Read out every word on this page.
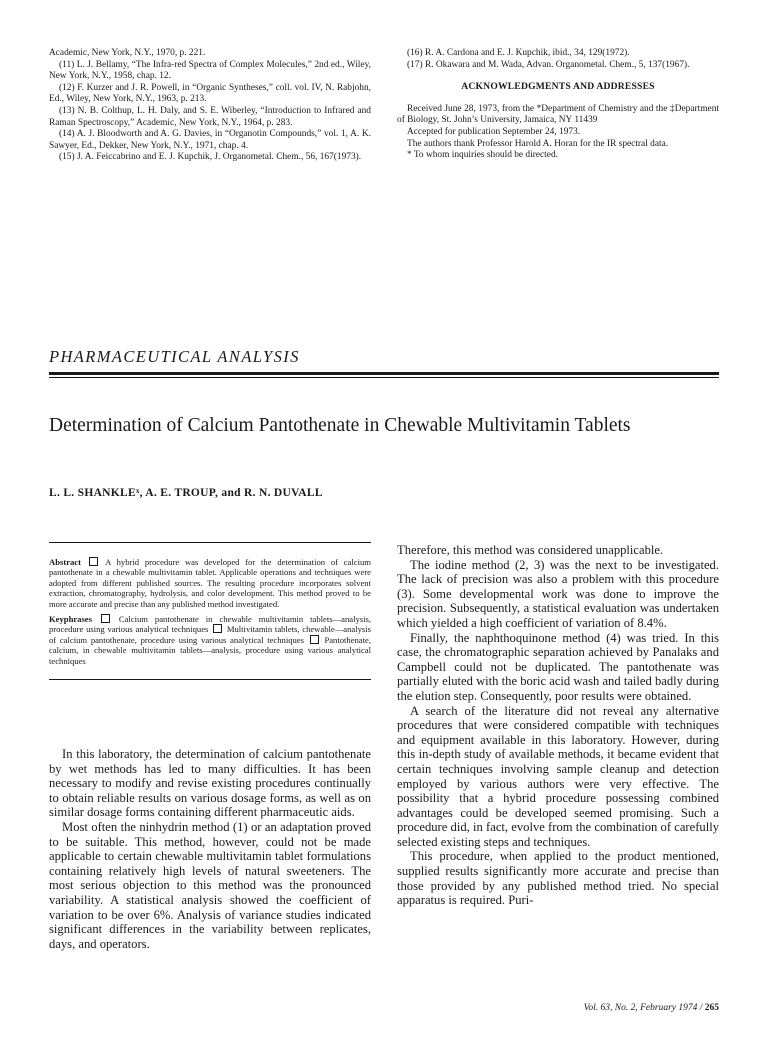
Academic, New York, N.Y., 1970, p. 221.

(11) L. J. Bellamy, “The Infra-red Spectra of Complex Molecules,” 2nd ed., Wiley, New York, N.Y., 1958, chap. 12.

(12) F. Kurzer and J. R. Powell, in “Organic Syntheses,” coll. vol. IV, N. Rabjohn, Ed., Wiley, New York, N.Y., 1963, p. 213.

(13) N. B. Colthup, L. H. Daly, and S. E. Wiberley, “Introduction to Infrared and Raman Spectroscopy,” Academic, New York, N.Y., 1964, p. 283.

(14) A. J. Bloodworth and A. G. Davies, in “Organotin Compounds,” vol. 1, A. K. Sawyer, Ed., Dekker, New York, N.Y., 1971, chap. 4.

(15) J. A. Feiccabrino and E. J. Kupchik, J. Organometal. Chem., 56, 167(1973).

(16) R. A. Cardona and E. J. Kupchik, ibid., 34, 129(1972).

(17) R. Okawara and M. Wada, Advan. Organometal. Chem., 5, 137(1967).

ACKNOWLEDGMENTS AND ADDRESSES

Received June 28, 1973, from the *Department of Chemistry and the ‡Department of Biology, St. John’s University, Jamaica, NY 11439

Accepted for publication September 24, 1973.

The authors thank Professor Harold A. Horan for the IR spectral data.

* To whom inquiries should be directed.

PHARMACEUTICAL ANALYSIS
Determination of Calcium Pantothenate in Chewable Multivitamin Tablets
L. L. SHANKLEˣ, A. E. TROUP, and R. N. DUVALL

Abstract	A hybrid procedure was developed for the determination of calcium pantothenate in a chewable multivitamin tablet. Applicable operations and techniques were adopted from different published sources. The resulting procedure incorporates solvent extraction, chromatography, hydrolysis, and color development. This method proved to be more accurate and precise than any published method investigated.

Keyphrases	Calcium pantothenate in chewable multivitamin tablets—analysis, procedure using various analytical techniques Multivitamin tablets, chewable—analysis of calcium pantothenate, procedure using various analytical techniques Pantothenate, calcium, in chewable multivitamin tablets—analysis, procedure using various analytical techniques

In this laboratory, the determination of calcium pantothenate by wet methods has led to many difficulties. It has been necessary to modify and revise existing procedures continually to obtain reliable results on various dosage forms, as well as on similar dosage forms containing different pharmaceutic aids.

Most often the ninhydrin method (1) or an adaptation proved to be suitable. This method, however, could not be made applicable to certain chewable multivitamin tablet formulations containing relatively high levels of natural sweeteners. The most serious objection to this method was the pronounced variability. A statistical analysis showed the coefficient of variation to be over 6%. Analysis of variance studies indicated significant differences in the variability between replicates, days, and operators.

Therefore, this method was considered unapplicable.

The iodine method (2, 3) was the next to be investigated. The lack of precision was also a problem with this procedure (3). Some developmental work was done to improve the precision. Subsequently, a statistical evaluation was undertaken which yielded a high coefficient of variation of 8.4%.

Finally, the naphthoquinone method (4) was tried. In this case, the chromatographic separation achieved by Panalaks and Campbell could not be duplicated. The pantothenate was partially eluted with the boric acid wash and tailed badly during the elution step. Consequently, poor results were obtained.

A search of the literature did not reveal any alternative procedures that were considered compatible with techniques and equipment available in this laboratory. However, during this in-depth study of available methods, it became evident that certain techniques involving sample cleanup and detection employed by various authors were very effective. The possibility that a hybrid procedure possessing combined advantages could be developed seemed promising. Such a procedure did, in fact, evolve from the combination of carefully selected existing steps and techniques.

This procedure, when applied to the product mentioned, supplied results significantly more accurate and precise than those provided by any published method tried. No special apparatus is required. Puri-

Vol. 63, No. 2, February 1974 / 265
